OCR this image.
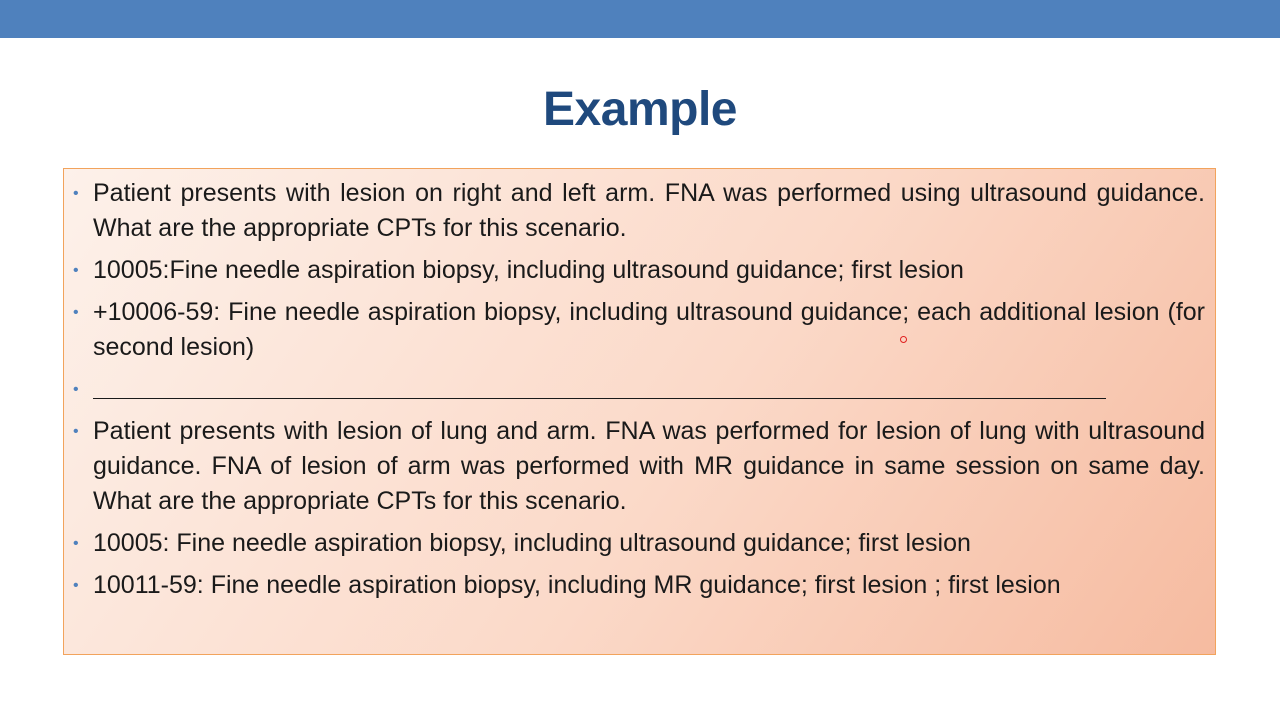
Example
• Patient presents with lesion on right and left arm. FNA was performed using ultrasound guidance. What are the appropriate CPTs for this scenario.
• 10005:Fine needle aspiration biopsy, including ultrasound guidance; first lesion
• +10006-59: Fine needle aspiration biopsy, including ultrasound guidance; each additional lesion (for second lesion)
•
• Patient presents with lesion of lung and arm. FNA was performed for lesion of lung with ultrasound guidance. FNA of lesion of arm was performed with MR guidance in same session on same day. What are the appropriate CPTs for this scenario.
• 10005: Fine needle aspiration biopsy, including ultrasound guidance; first lesion
• 10011-59: Fine needle aspiration biopsy, including MR guidance; first lesion ; first lesion
